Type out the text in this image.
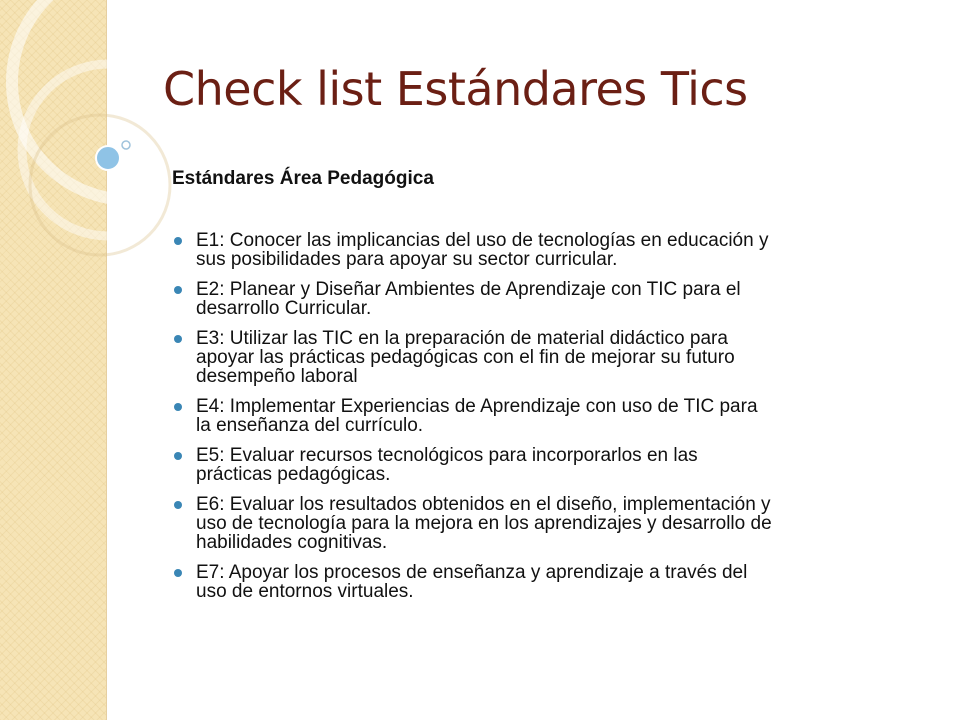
Check list Estándares Tics
Estándares Área Pedagógica
E1: Conocer las implicancias del uso de tecnologías en educación y
sus posibilidades para apoyar su sector curricular.
E2: Planear y Diseñar Ambientes de Aprendizaje con TIC para el
desarrollo Curricular.
E3: Utilizar las TIC en la preparación de material didáctico para
apoyar las prácticas pedagógicas con el fin de mejorar su futuro
desempeño laboral
E4: Implementar Experiencias de Aprendizaje con uso de TIC para
la enseñanza del currículo.
E5: Evaluar recursos tecnológicos para incorporarlos en las
prácticas pedagógicas.
E6: Evaluar los resultados obtenidos en el diseño, implementación y
uso de tecnología para la mejora en los aprendizajes y desarrollo de
habilidades cognitivas.
E7: Apoyar los procesos de enseñanza y aprendizaje a través del
uso de entornos virtuales.
